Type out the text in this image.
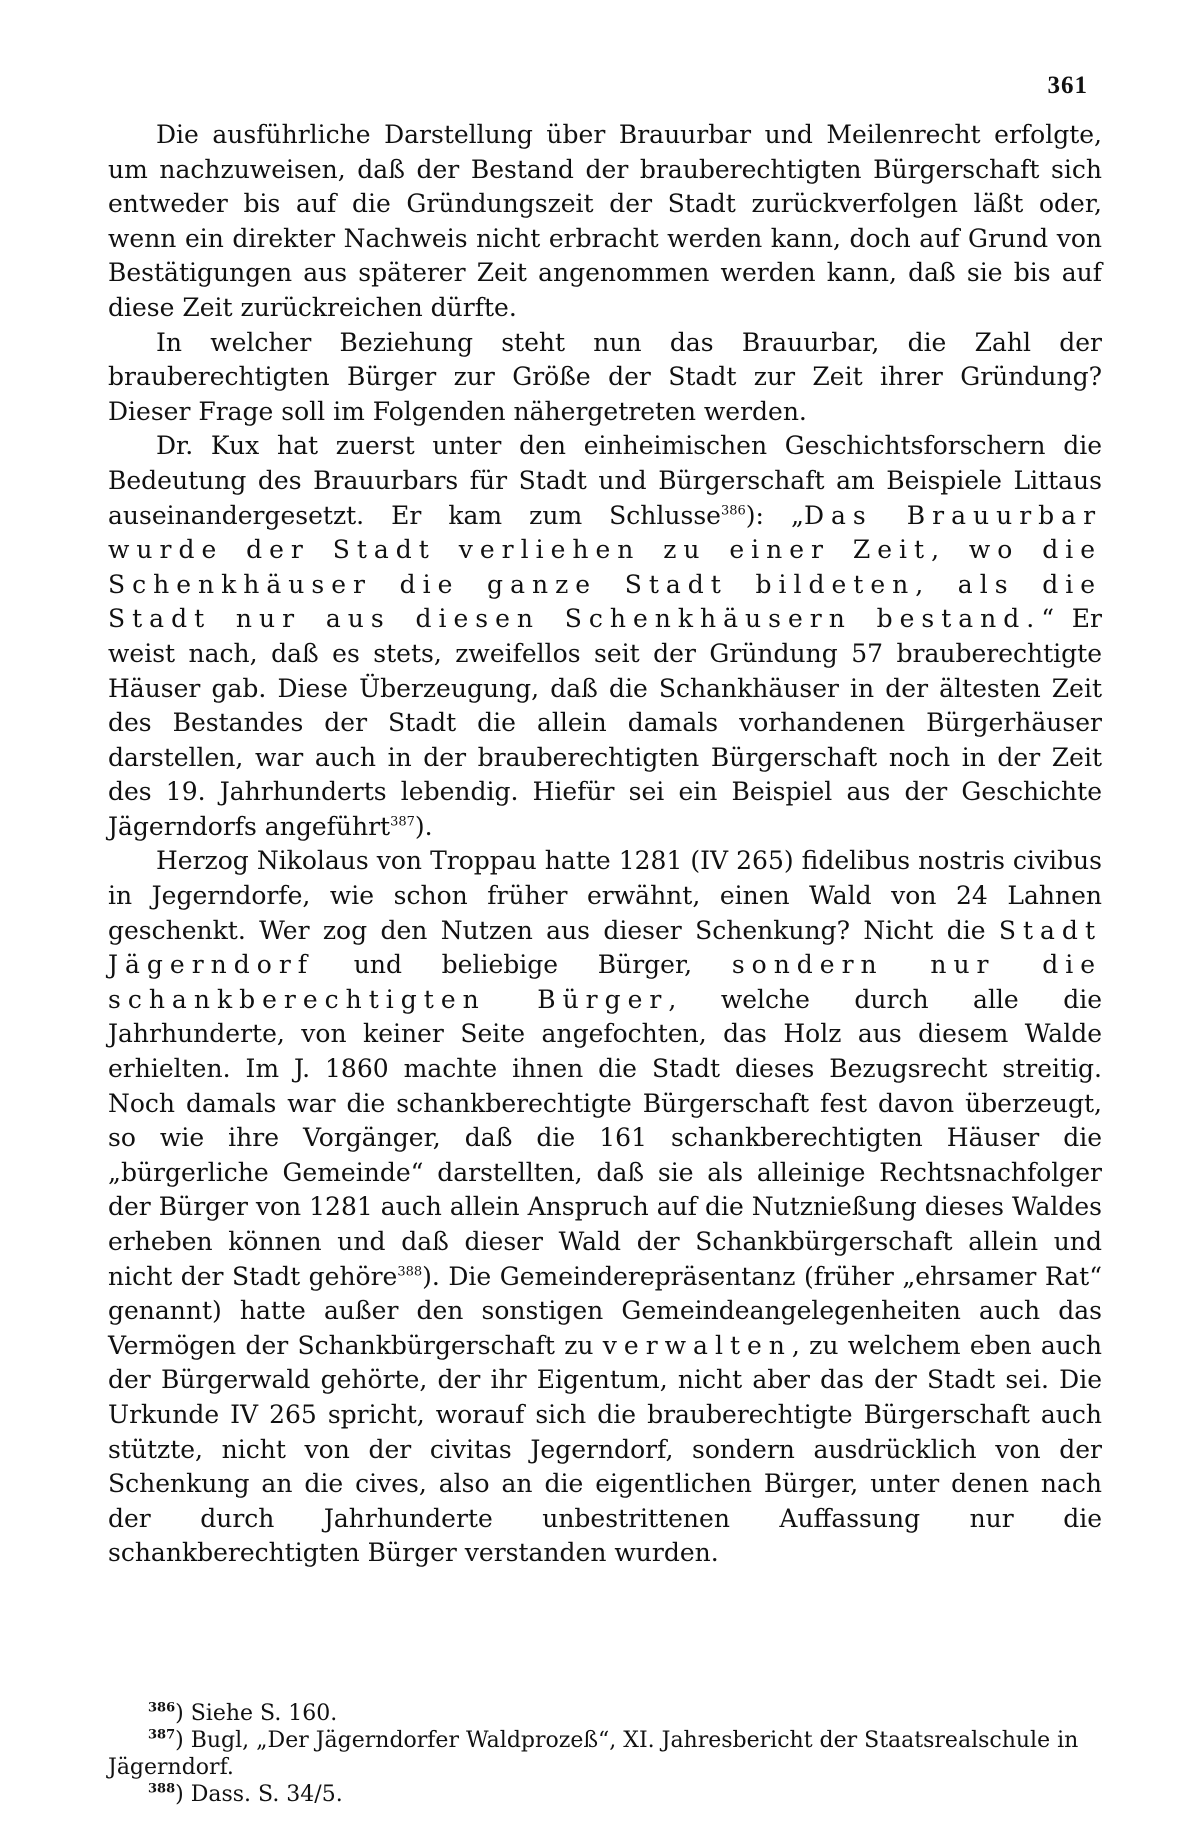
361

Die ausführliche Darstellung über Brauurbar und Meilenrecht erfolgte, um nachzuweisen, daß der Bestand der brauberechtigten Bürgerschaft sich entweder bis auf die Gründungszeit der Stadt zurückverfolgen läßt oder, wenn ein direkter Nachweis nicht erbracht werden kann, doch auf Grund von Bestätigungen aus späterer Zeit angenommen werden kann, daß sie bis auf diese Zeit zurückreichen dürfte.

In welcher Beziehung steht nun das Brauurbar, die Zahl der brauberechtigten Bürger zur Größe der Stadt zur Zeit ihrer Gründung? Dieser Frage soll im Folgenden nähergetreten werden.

Dr. Kux hat zuerst unter den einheimischen Geschichtsforschern die Bedeutung des Brauurbars für Stadt und Bürgerschaft am Beispiele Littaus auseinandergesetzt. Er kam zum Schlusse$^{386}$): „Das Brauurbar wurde der Stadt verliehen zu einer Zeit, wo die Schenkhäuser die ganze Stadt bildeten, als die Stadt nur aus diesen Schenkhäusern bestand.“ Er weist nach, daß es stets, zweifellos seit der Gründung 57 brauberechtigte Häuser gab. Diese Überzeugung, daß die Schankhäuser in der ältesten Zeit des Bestandes der Stadt die allein damals vorhandenen Bürgerhäuser darstellen, war auch in der brauberechtigten Bürgerschaft noch in der Zeit des 19. Jahrhunderts lebendig. Hiefür sei ein Beispiel aus der Geschichte Jägerndorfs angeführt$^{387}$).

Herzog Nikolaus von Troppau hatte 1281 (IV 265) fidelibus nostris civibus in Jegerndorfe, wie schon früher erwähnt, einen Wald von 24 Lahnen geschenkt. Wer zog den Nutzen aus dieser Schenkung? Nicht die Stadt Jägerndorf und beliebige Bürger, sondern nur die schankberechtigten Bürger, welche durch alle die Jahrhunderte, von keiner Seite angefochten, das Holz aus diesem Walde erhielten. Im J. 1860 machte ihnen die Stadt dieses Bezugsrecht streitig. Noch damals war die schankberechtigte Bürgerschaft fest davon überzeugt, so wie ihre Vorgänger, daß die 161 schankberechtigten Häuser die „bürgerliche Gemeinde“ darstellten, daß sie als alleinige Rechtsnachfolger der Bürger von 1281 auch allein Anspruch auf die Nutznießung dieses Waldes erheben können und daß dieser Wald der Schankbürgerschaft allein und nicht der Stadt gehöre$^{388}$). Die Gemeinderepräsentanz (früher „ehrsamer Rat“ genannt) hatte außer den sonstigen Gemeindeangelegenheiten auch das Vermögen der Schankbürgerschaft zu verwalten, zu welchem eben auch der Bürgerwald gehörte, der ihr Eigentum, nicht aber das der Stadt sei. Die Urkunde IV 265 spricht, worauf sich die brauberechtigte Bürgerschaft auch stützte, nicht von der civitas Jegerndorf, sondern ausdrücklich von der Schenkung an die cives, also an die eigentlichen Bürger, unter denen nach der durch Jahrhunderte unbestrittenen Auffassung nur die schankberechtigten Bürger verstanden wurden.

$^{386}$) Siehe S. 160.

$^{387}$) Bugl, „Der Jägerndorfer Waldprozeß“, XI. Jahresbericht der Staatsrealschule in Jägerndorf.

$^{388}$) Dass. S. 34/5.
